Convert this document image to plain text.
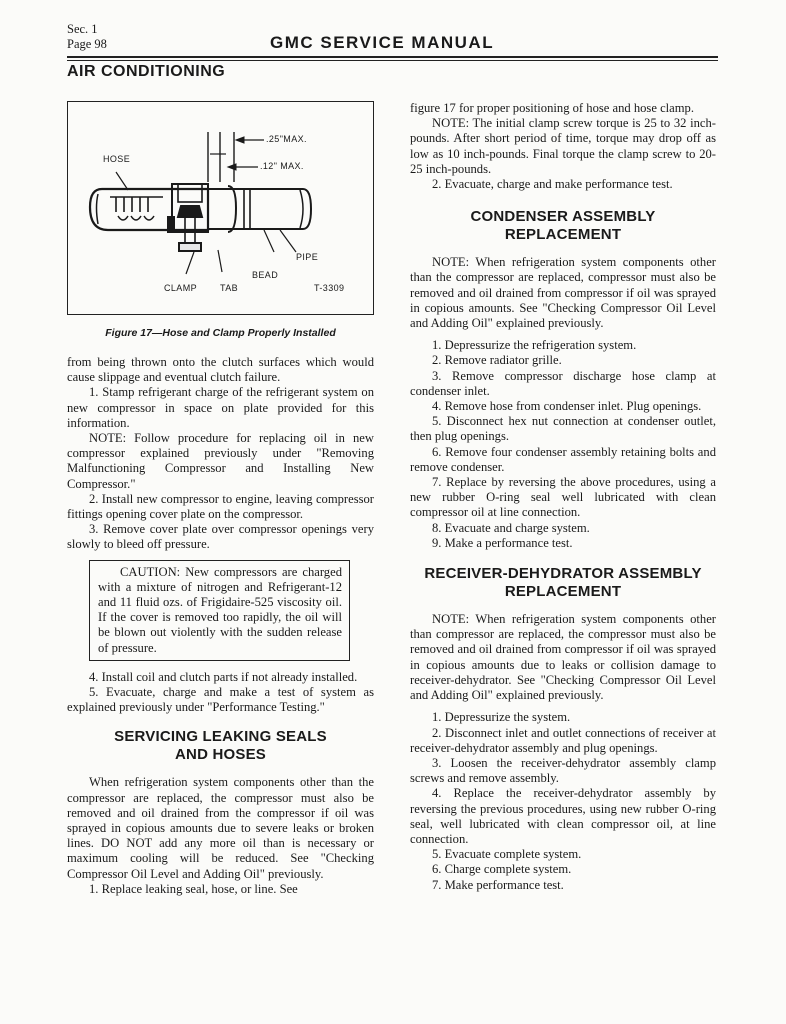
Sec. 1
Page 98	GMC SERVICE MANUAL
AIR CONDITIONING
HOSE
.25"MAX.
.12" MAX.
PIPE
BEAD
CLAMP	TAB	T-3309
Figure 17—Hose and Clamp Properly Installed

from being thrown onto the clutch surfaces which would cause slippage and eventual clutch failure.

1. Stamp refrigerant charge of the refrigerant system on new compressor in space on plate provided for this information.

NOTE: Follow procedure for replacing oil in new compressor explained previously under "Removing Malfunctioning Compressor and Installing New Compressor."

2. Install new compressor to engine, leaving compressor fittings opening cover plate on the compressor.

3. Remove cover plate over compressor openings very slowly to bleed off pressure.

CAUTION: New compressors are charged with a mixture of nitrogen and Refrigerant-12 and 11 fluid ozs. of Frigidaire-525 viscosity oil. If the cover is removed too rapidly, the oil will be blown out violently with the sudden release of pressure.

4. Install coil and clutch parts if not already installed.

5. Evacuate, charge and make a test of system as explained previously under "Performance Testing."

SERVICING LEAKING SEALS
AND HOSES

When refrigeration system components other than the compressor are replaced, the compressor must also be removed and oil drained from the compressor if oil was sprayed in copious amounts due to severe leaks or broken lines. DO NOT add any more oil than is necessary or maximum cooling will be reduced. See "Checking Compressor Oil Level and Adding Oil" previously.

1. Replace leaking seal, hose, or line. See

figure 17 for proper positioning of hose and hose clamp.

NOTE: The initial clamp screw torque is 25 to 32 inch-pounds. After short period of time, torque may drop off as low as 10 inch-pounds. Final torque the clamp screw to 20-25 inch-pounds.

2. Evacuate, charge and make performance test.

CONDENSER ASSEMBLY
REPLACEMENT

NOTE: When refrigeration system components other than the compressor are replaced, compressor must also be removed and oil drained from compressor if oil was sprayed in copious amounts. See "Checking Compressor Oil Level and Adding Oil" explained previously.

1. Depressurize the refrigeration system.

2. Remove radiator grille.

3. Remove compressor discharge hose clamp at condenser inlet.

4. Remove hose from condenser inlet. Plug openings.

5. Disconnect hex nut connection at condenser outlet, then plug openings.

6. Remove four condenser assembly retaining bolts and remove condenser.

7. Replace by reversing the above procedures, using a new rubber O-ring seal well lubricated with clean compressor oil at line connection.

8. Evacuate and charge system.

9. Make a performance test.

RECEIVER-DEHYDRATOR ASSEMBLY
REPLACEMENT

NOTE: When refrigeration system components other than compressor are replaced, the compressor must also be removed and oil drained from compressor if oil was sprayed in copious amounts due to leaks or collision damage to receiver-dehydrator. See "Checking Compressor Oil Level and Adding Oil" explained previously.

1. Depressurize the system.

2. Disconnect inlet and outlet connections of receiver at receiver-dehydrator assembly and plug openings.

3. Loosen the receiver-dehydrator assembly clamp screws and remove assembly.

4. Replace the receiver-dehydrator assembly by reversing the previous procedures, using new rubber O-ring seal, well lubricated with clean compressor oil, at line connection.

5. Evacuate complete system.

6. Charge complete system.

7. Make performance test.
